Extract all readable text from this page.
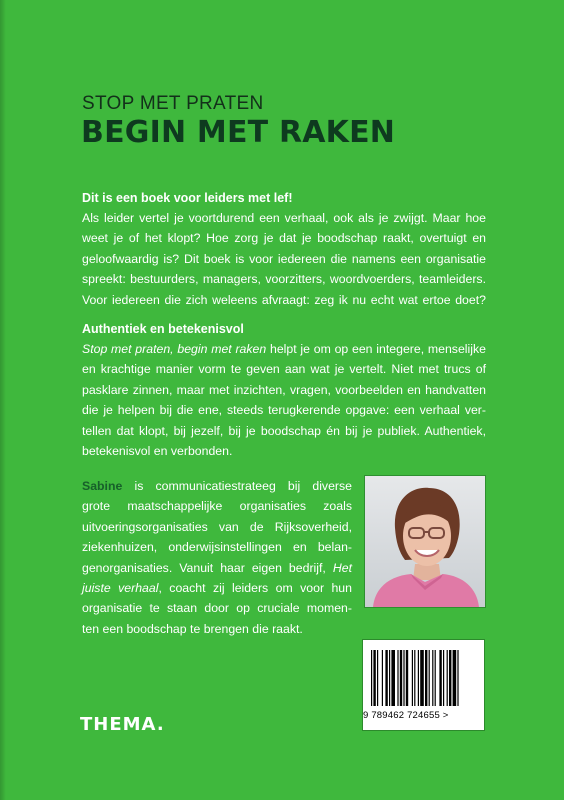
STOP MET PRATEN
BEGIN MET RAKEN
Dit is een boek voor leiders met lef!
Als leider vertel je voortdurend een verhaal, ook als je zwijgt. Maar hoe
weet je of het klopt? Hoe zorg je dat je boodschap raakt, overtuigt en
geloofwaardig is? Dit boek is voor iedereen die namens een organisatie
spreekt: bestuurders, managers, voorzitters, woordvoerders, teamleiders.
Voor iedereen die zich weleens afvraagt: zeg ik nu echt wat ertoe doet?
Authentiek en betekenisvol
Stop met praten, begin met raken helpt je om op een integere, menselijke
en krachtige manier vorm te geven aan wat je vertelt. Niet met trucs of
pasklare zinnen, maar met inzichten, vragen, voorbeelden en handvatten
die je helpen bij die ene, steeds terugkerende opgave: een verhaal ver-
tellen dat klopt, bij jezelf, bij je boodschap én bij je publiek. Authentiek,
betekenisvol en verbonden.
Sabine is communicatiestrateeg bij diverse
grote maatschappelijke organisaties zoals
uitvoeringsorganisaties van de Rijksoverheid,
ziekenhuizen, onderwijsinstellingen en belan-
genorganisaties. Vanuit haar eigen bedrijf, Het
juiste verhaal, coacht zij leiders om voor hun
organisatie te staan door op cruciale momen-
ten een boodschap te brengen die raakt.
9 789462 724655 >
THEMA.
